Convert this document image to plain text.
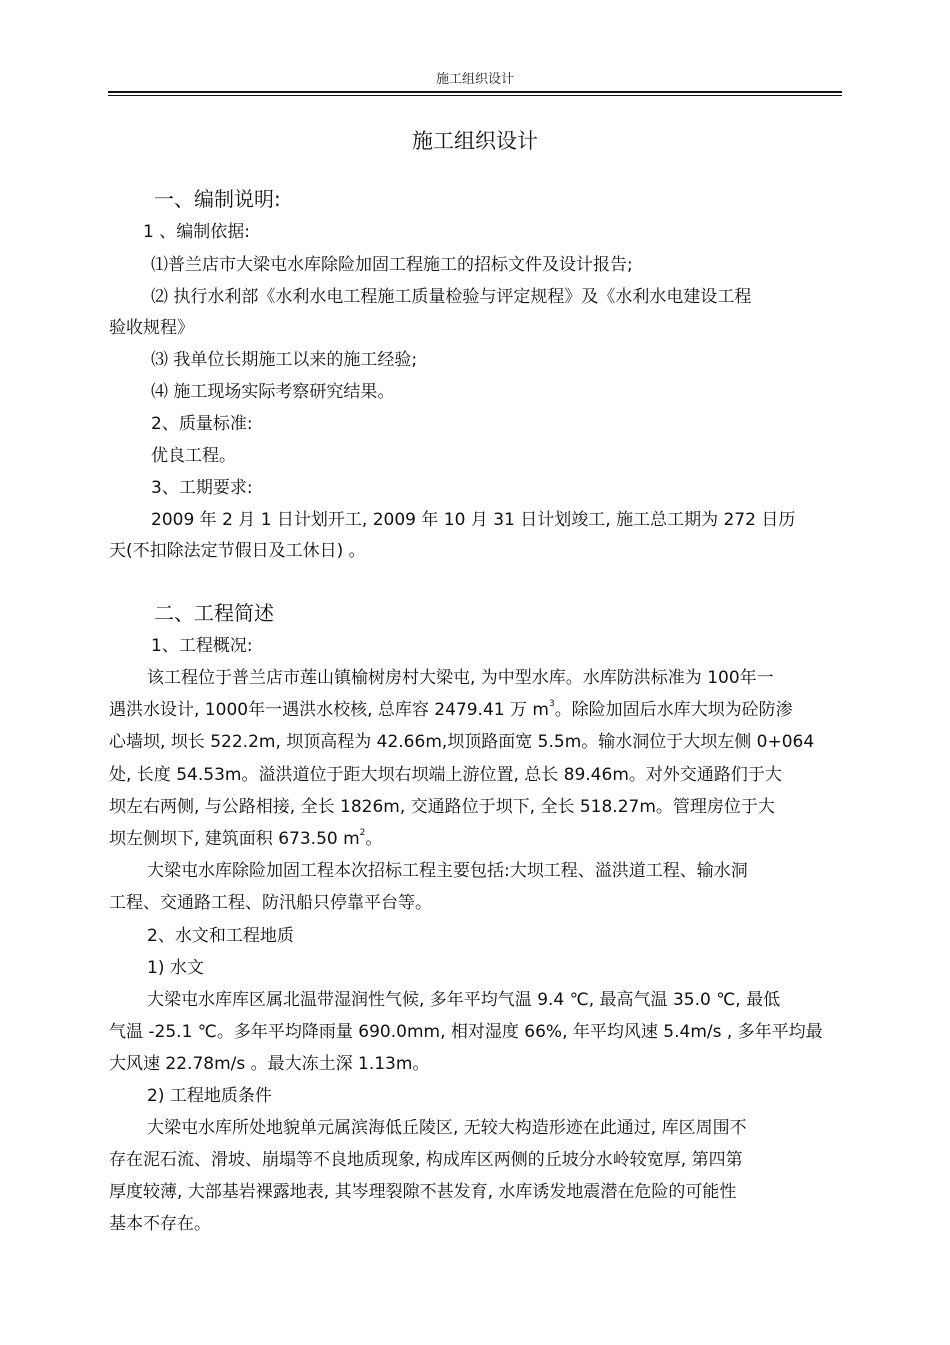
施工组织设计
施工组织设计
一、编制说明:
1 、编制依据:
⑴普兰店市大梁屯水库除险加固工程施工的招标文件及设计报告;
⑵ 执行水利部《水利水电工程施工质量检验与评定规程》及《水利水电建设工程
验收规程》
⑶ 我单位长期施工以来的施工经验;
⑷ 施工现场实际考察研究结果。
2、质量标准:
优良工程。
3、工期要求:
2009 年 2 月 1 日计划开工, 2009 年 10 月 31 日计划竣工, 施工总工期为 272 日历
天(不扣除法定节假日及工休日) 。
二、工程简述
1、工程概况:
该工程位于普兰店市莲山镇榆树房村大梁屯, 为中型水库。水库防洪标准为 100年一
遇洪水设计, 1000年一遇洪水校核, 总库容 2479.41 万 $m^3$。除险加固后水库大坝为砼防渗
心墙坝, 坝长 522.2m, 坝顶高程为 42.66m,坝顶路面宽 5.5m。输水洞位于大坝左侧 0+064
处, 长度 54.53m。溢洪道位于距大坝右坝端上游位置, 总长 89.46m。对外交通路们于大
坝左右两侧, 与公路相接, 全长 1826m, 交通路位于坝下, 全长 518.27m。管理房位于大
坝左侧坝下, 建筑面积 673.50 $m^2$。
大梁屯水库除险加固工程本次招标工程主要包括:大坝工程、溢洪道工程、输水洞
工程、交通路工程、防汛船只停靠平台等。
2、水文和工程地质
1) 水文
大梁屯水库库区属北温带湿润性气候, 多年平均气温 9.4 ℃, 最高气温 35.0 ℃, 最低
气温 -25.1 ℃。多年平均降雨量 690.0mm, 相对湿度 66%, 年平均风速 5.4m/s , 多年平均最
大风速 22.78m/s 。最大冻土深 1.13m。
2) 工程地质条件
大梁屯水库所处地貌单元属滨海低丘陵区, 无较大构造形迹在此通过, 库区周围不
存在泥石流、滑坡、崩塌等不良地质现象, 构成库区两侧的丘坡分水岭较宽厚, 第四第
厚度较薄, 大部基岩裸露地表, 其岑理裂隙不甚发育, 水库诱发地震潜在危险的可能性
基本不存在。
